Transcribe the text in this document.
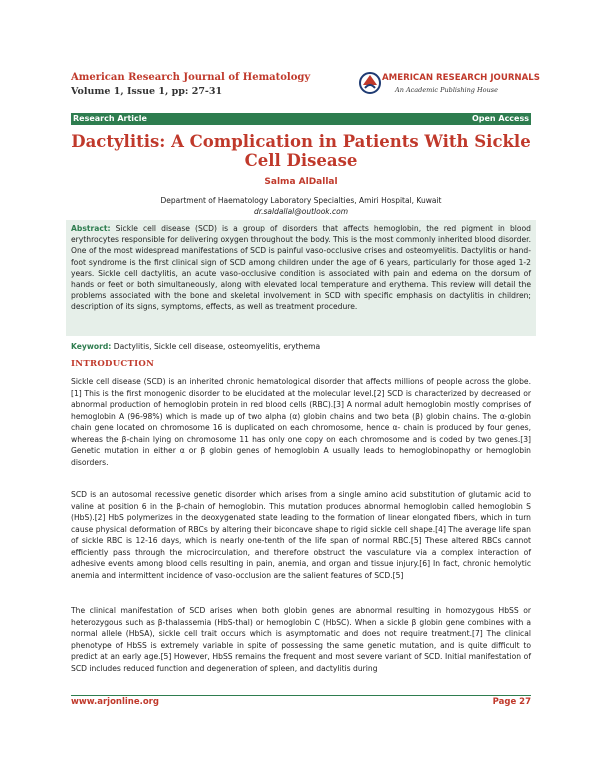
American Research Journal of Hematology
Volume 1, Issue 1, pp: 27-31
AMERICAN RESEARCH JOURNALS
An Academic Publishing House
Research Article	Open Access
Dactylitis: A Complication in Patients With Sickle Cell Disease
Salma AlDallal
Department of Haematology Laboratory Specialties, Amiri Hospital, Kuwait
dr.saldallal@outlook.com

Abstract: Sickle cell disease (SCD) is a group of disorders that affects hemoglobin, the red pigment in blood erythrocytes responsible for delivering oxygen throughout the body. This is the most commonly inherited blood disorder. One of the most widespread manifestations of SCD is painful vaso-occlusive crises and osteomyelitis. Dactylitis or hand-foot syndrome is the first clinical sign of SCD among children under the age of 6 years, particularly for those aged 1-2 years. Sickle cell dactylitis, an acute vaso-occlusive condition is associated with pain and edema on the dorsum of hands or feet or both simultaneously, along with elevated local temperature and erythema. This review will detail the problems associated with the bone and skeletal involvement in SCD with specific emphasis on dactylitis in children; description of its signs, symptoms, effects, as well as treatment procedure.

Keyword: Dactylitis, Sickle cell disease, osteomyelitis, erythema
INTRODUCTION

Sickle cell disease (SCD) is an inherited chronic hematological disorder that affects millions of people across the globe.[1] This is the first monogenic disorder to be elucidated at the molecular level.[2] SCD is characterized by decreased or abnormal production of hemoglobin protein in red blood cells (RBC).[3] A normal adult hemoglobin mostly comprises of hemoglobin A (96-98%) which is made up of two alpha (α) globin chains and two beta (β) globin chains. The α-globin chain gene located on chromosome 16 is duplicated on each chromosome, hence α- chain is produced by four genes, whereas the β-chain lying on chromosome 11 has only one copy on each chromosome and is coded by two genes.[3] Genetic mutation in either α or β globin genes of hemoglobin A usually leads to hemoglobinopathy or hemoglobin disorders.

SCD is an autosomal recessive genetic disorder which arises from a single amino acid substitution of glutamic acid to valine at position 6 in the β-chain of hemoglobin. This mutation produces abnormal hemoglobin called hemoglobin S (HbS).[2] HbS polymerizes in the deoxygenated state leading to the formation of linear elongated fibers, which in turn cause physical deformation of RBCs by altering their biconcave shape to rigid sickle cell shape.[4] The average life span of sickle RBC is 12-16 days, which is nearly one-tenth of the life span of normal RBC.[5] These altered RBCs cannot efficiently pass through the microcirculation, and therefore obstruct the vasculature via a complex interaction of adhesive events among blood cells resulting in pain, anemia, and organ and tissue injury.[6] In fact, chronic hemolytic anemia and intermittent incidence of vaso-occlusion are the salient features of SCD.[5]

The clinical manifestation of SCD arises when both globin genes are abnormal resulting in homozygous HbSS or heterozygous such as β-thalassemia (HbS-thal) or hemoglobin C (HbSC). When a sickle β globin gene combines with a normal allele (HbSA), sickle cell trait occurs which is asymptomatic and does not require treatment.[7] The clinical phenotype of HbSS is extremely variable in spite of possessing the same genetic mutation, and is quite difficult to predict at an early age.[5] However, HbSS remains the frequent and most severe variant of SCD. Initial manifestation of SCD includes reduced function and degeneration of spleen, and dactylitis during

www.arjonline.org	Page 27
